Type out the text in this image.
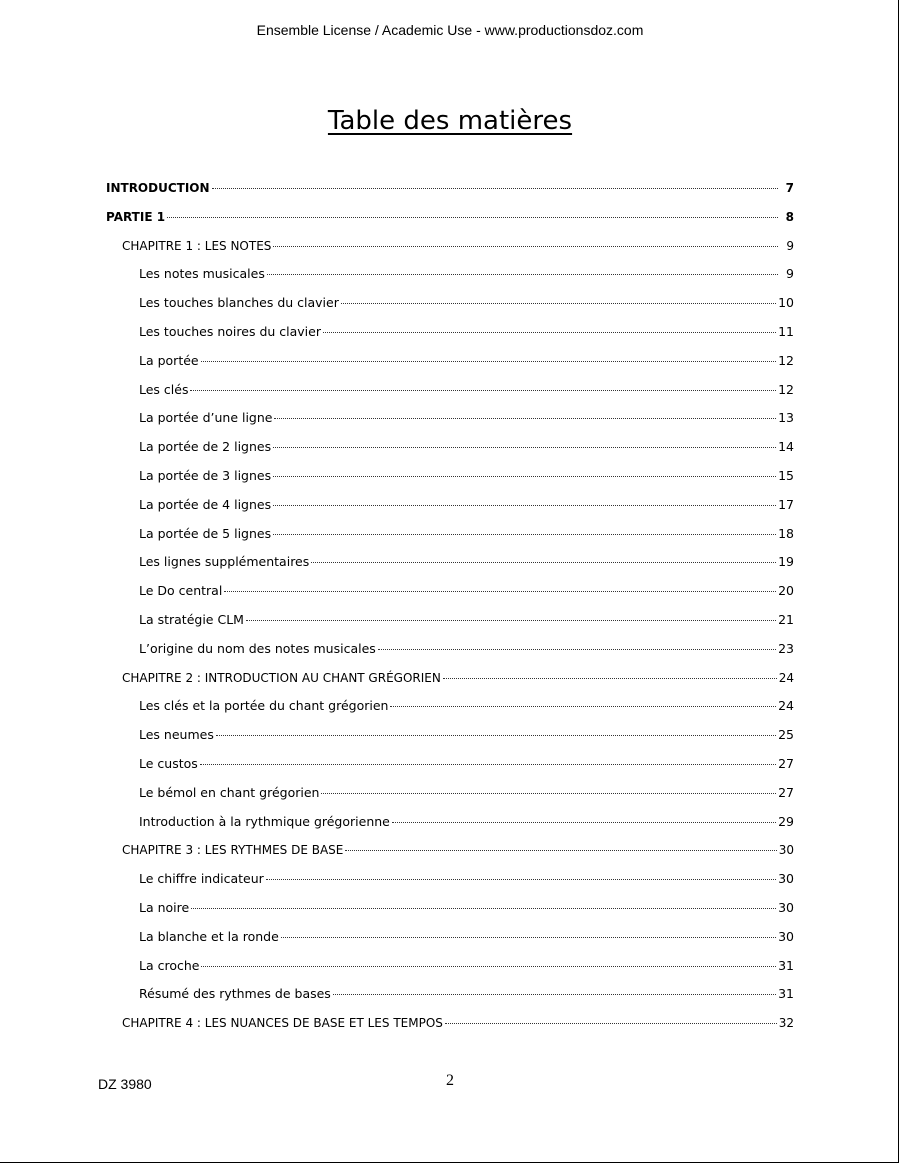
Ensemble License / Academic Use - www.productionsdoz.com
Table des matières
INTRODUCTION	7
PARTIE 1	8
CHAPITRE 1 : LES NOTES	9
Les notes musicales	9
Les touches blanches du clavier	10
Les touches noires du clavier	11
La portée	12
Les clés	12
La portée d’une ligne	13
La portée de 2 lignes	14
La portée de 3 lignes	15
La portée de 4 lignes	17
La portée de 5 lignes	18
Les lignes supplémentaires	19
Le Do central	20
La stratégie CLM	21
L’origine du nom des notes musicales	23
CHAPITRE 2 : INTRODUCTION AU CHANT GRÉGORIEN	24
Les clés et la portée du chant grégorien	24
Les neumes	25
Le custos	27
Le bémol en chant grégorien	27
Introduction à la rythmique grégorienne	29
CHAPITRE 3 : LES RYTHMES DE BASE	30
Le chiffre indicateur	30
La noire	30
La blanche et la ronde	30
La croche	31
Résumé des rythmes de bases	31
CHAPITRE 4 : LES NUANCES DE BASE ET LES TEMPOS	32
DZ 3980	2
